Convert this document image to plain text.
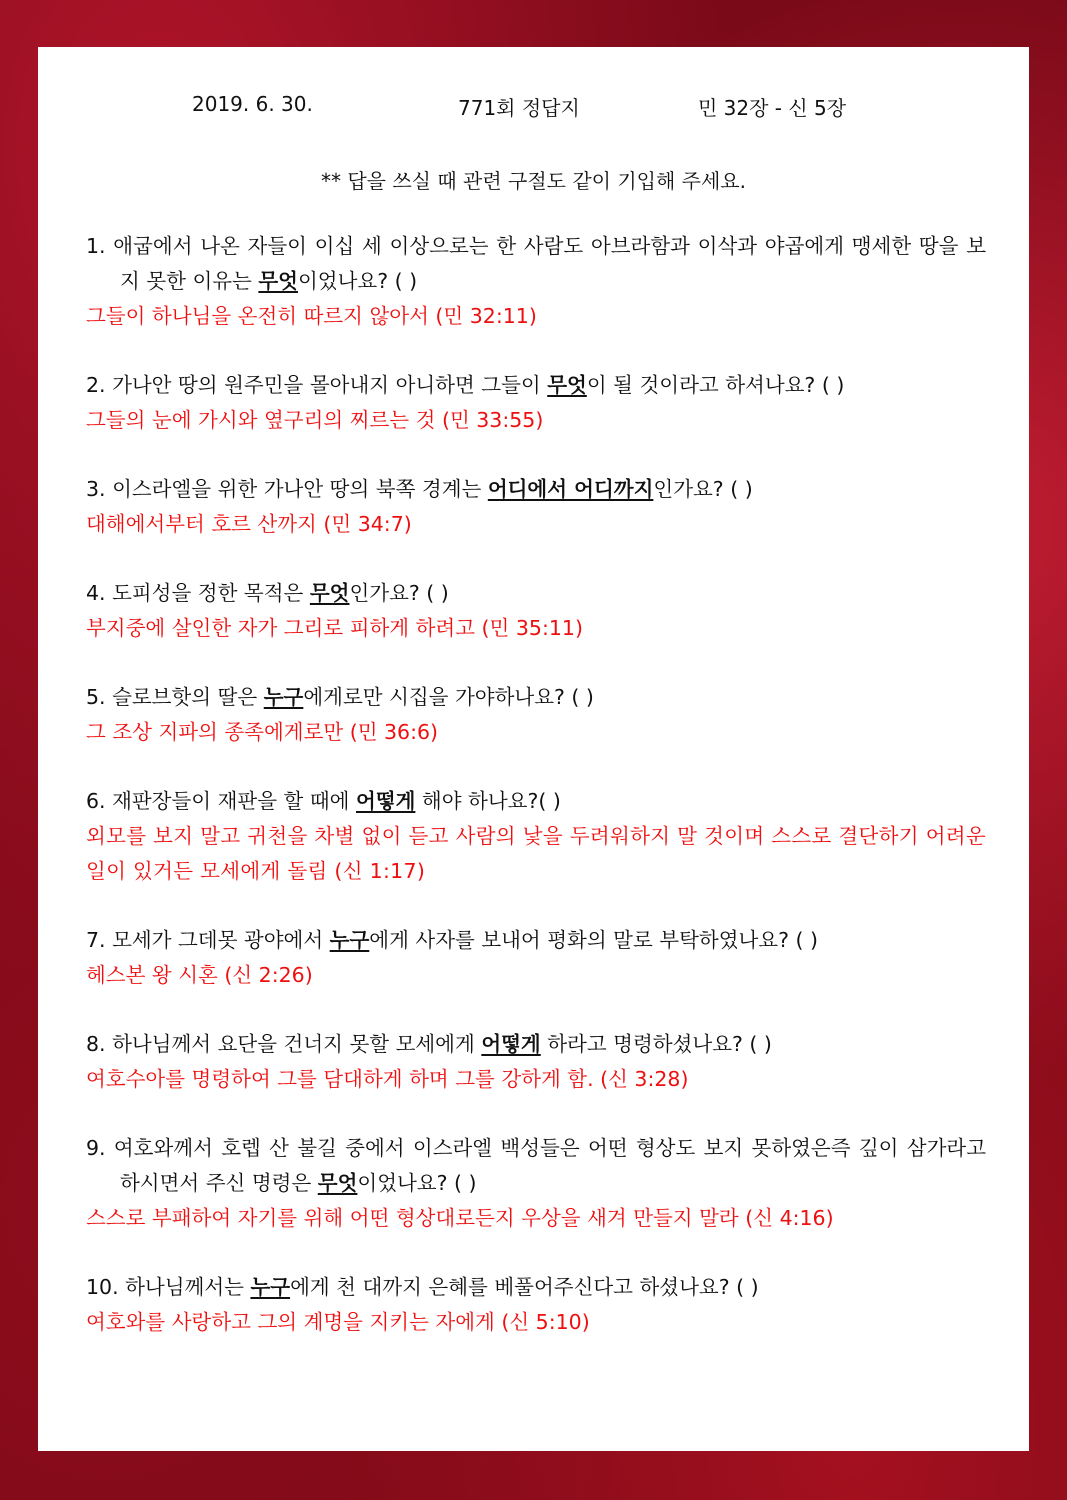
2019. 6. 30.	771회 정답지	민 32장 - 신 5장
** 답을 쓰실 때 관련 구절도 같이 기입해 주세요.
1. 애굽에서 나온 자들이 이십 세 이상으로는 한 사람도 아브라함과 이삭과 야곱에게 맹세한 땅을 보지 못한 이유는 무엇이었나요? ( )
그들이 하나님을 온전히 따르지 않아서 (민 32:11)
2. 가나안 땅의 원주민을 몰아내지 아니하면 그들이 무엇이 될 것이라고 하셔나요? ( )
그들의 눈에 가시와 옆구리의 찌르는 것 (민 33:55)
3. 이스라엘을 위한 가나안 땅의 북쪽 경계는 어디에서 어디까지인가요? ( )
대해에서부터 호르 산까지 (민 34:7)
4. 도피성을 정한 목적은 무엇인가요? ( )
부지중에 살인한 자가 그리로 피하게 하려고 (민 35:11)
5. 슬로브핫의 딸은 누구에게로만 시집을 가야하나요? ( )
그 조상 지파의 종족에게로만 (민 36:6)
6. 재판장들이 재판을 할 때에 어떻게 해야 하나요?( )
외모를 보지 말고 귀천을 차별 없이 듣고 사람의 낯을 두려워하지 말 것이며 스스로 결단하기 어려운 일이 있거든 모세에게 돌림 (신 1:17)
7. 모세가 그데못 광야에서 누구에게 사자를 보내어 평화의 말로 부탁하였나요? ( )
헤스본 왕 시혼 (신 2:26)
8. 하나님께서 요단을 건너지 못할 모세에게 어떻게 하라고 명령하셨나요? ( )
여호수아를 명령하여 그를 담대하게 하며 그를 강하게 함. (신 3:28)
9. 여호와께서 호렙 산 불길 중에서 이스라엘 백성들은 어떤 형상도 보지 못하였은즉 깊이 삼가라고 하시면서 주신 명령은 무엇이었나요? ( )
스스로 부패하여 자기를 위해 어떤 형상대로든지 우상을 새겨 만들지 말라 (신 4:16)
10. 하나님께서는 누구에게 천 대까지 은혜를 베풀어주신다고 하셨나요? ( )
여호와를 사랑하고 그의 계명을 지키는 자에게 (신 5:10)
